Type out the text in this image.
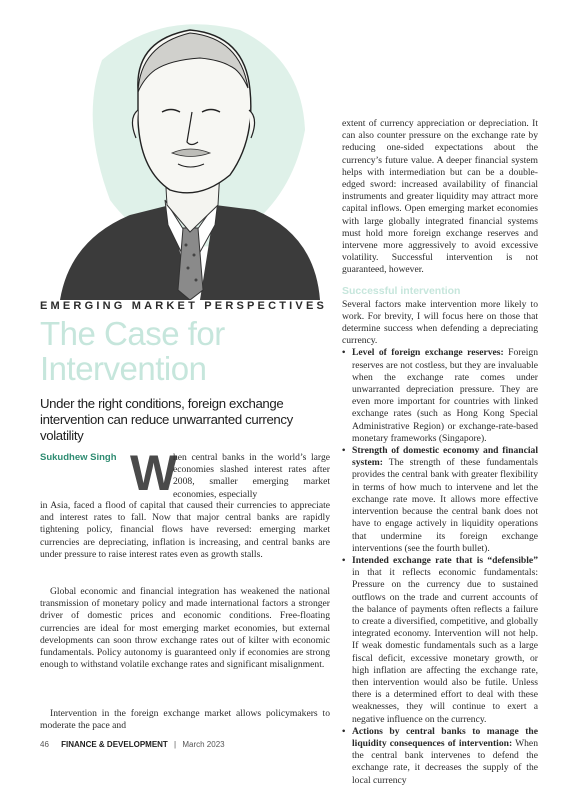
EMERGING MARKET PERSPECTIVES
The Case for
Intervention
Under the right conditions, foreign exchange intervention can reduce unwarranted currency volatility
Sukudhew Singh W

hen central banks in the world’s large economies slashed interest rates after 2008, smaller emerging market economies, especially

in Asia, faced a flood of capital that caused their currencies to appreciate and interest rates to fall. Now that major central banks are rapidly tightening policy, financial flows have reversed: emerging market currencies are depreciating, inflation is increasing, and central banks are under pressure to raise interest rates even as growth stalls.

Global economic and financial integration has weakened the national transmission of monetary policy and made international factors a stronger driver of domestic prices and economic conditions. Free-floating currencies are ideal for most emerging market economies, but external developments can soon throw exchange rates out of kilter with economic fundamentals. Policy autonomy is guaranteed only if economies are strong enough to withstand volatile exchange rates and significant misalignment.

Intervention in the foreign exchange market allows policymakers to moderate the pace and

extent of currency appreciation or depreciation. It can also counter pressure on the exchange rate by reducing one-sided expectations about the currency’s future value. A deeper financial system helps with intermediation but can be a double-edged sword: increased availability of financial instruments and greater liquidity may attract more capital inflows. Open emerging market economies with large globally integrated financial systems must hold more foreign exchange reserves and intervene more aggressively to avoid excessive volatility. Successful intervention is not guaranteed, however.

Successful intervention

Several factors make intervention more likely to work. For brevity, I will focus here on those that determine success when defending a depreciating currency.

• Level of foreign exchange reserves: Foreign reserves are not costless, but they are invaluable when the exchange rate comes under unwarranted depreciation pressure. They are even more important for countries with linked exchange rates (such as Hong Kong Special Administrative Region) or exchange-rate-based monetary frameworks (Singapore).
• Strength of domestic economy and financial system: The strength of these fundamentals provides the central bank with greater flexibility in terms of how much to intervene and let the exchange rate move. It allows more effective intervention because the central bank does not have to engage actively in liquidity operations that undermine its foreign exchange interventions (see the fourth bullet).
• Intended exchange rate that is “defensible” in that it reflects economic fundamentals: Pressure on the currency due to sustained outflows on the trade and current accounts of the balance of payments often reflects a failure to create a diversified, competitive, and globally integrated economy. Intervention will not help. If weak domestic fundamentals such as a large fiscal deficit, excessive monetary growth, or high inflation are affecting the exchange rate, then intervention would also be futile. Unless there is a determined effort to deal with these weaknesses, they will continue to exert a negative influence on the currency.
• Actions by central banks to manage the liquidity consequences of intervention: When the central bank intervenes to defend the exchange rate, it decreases the supply of the local currency
46 FINANCE & DEVELOPMENT | March 2023
